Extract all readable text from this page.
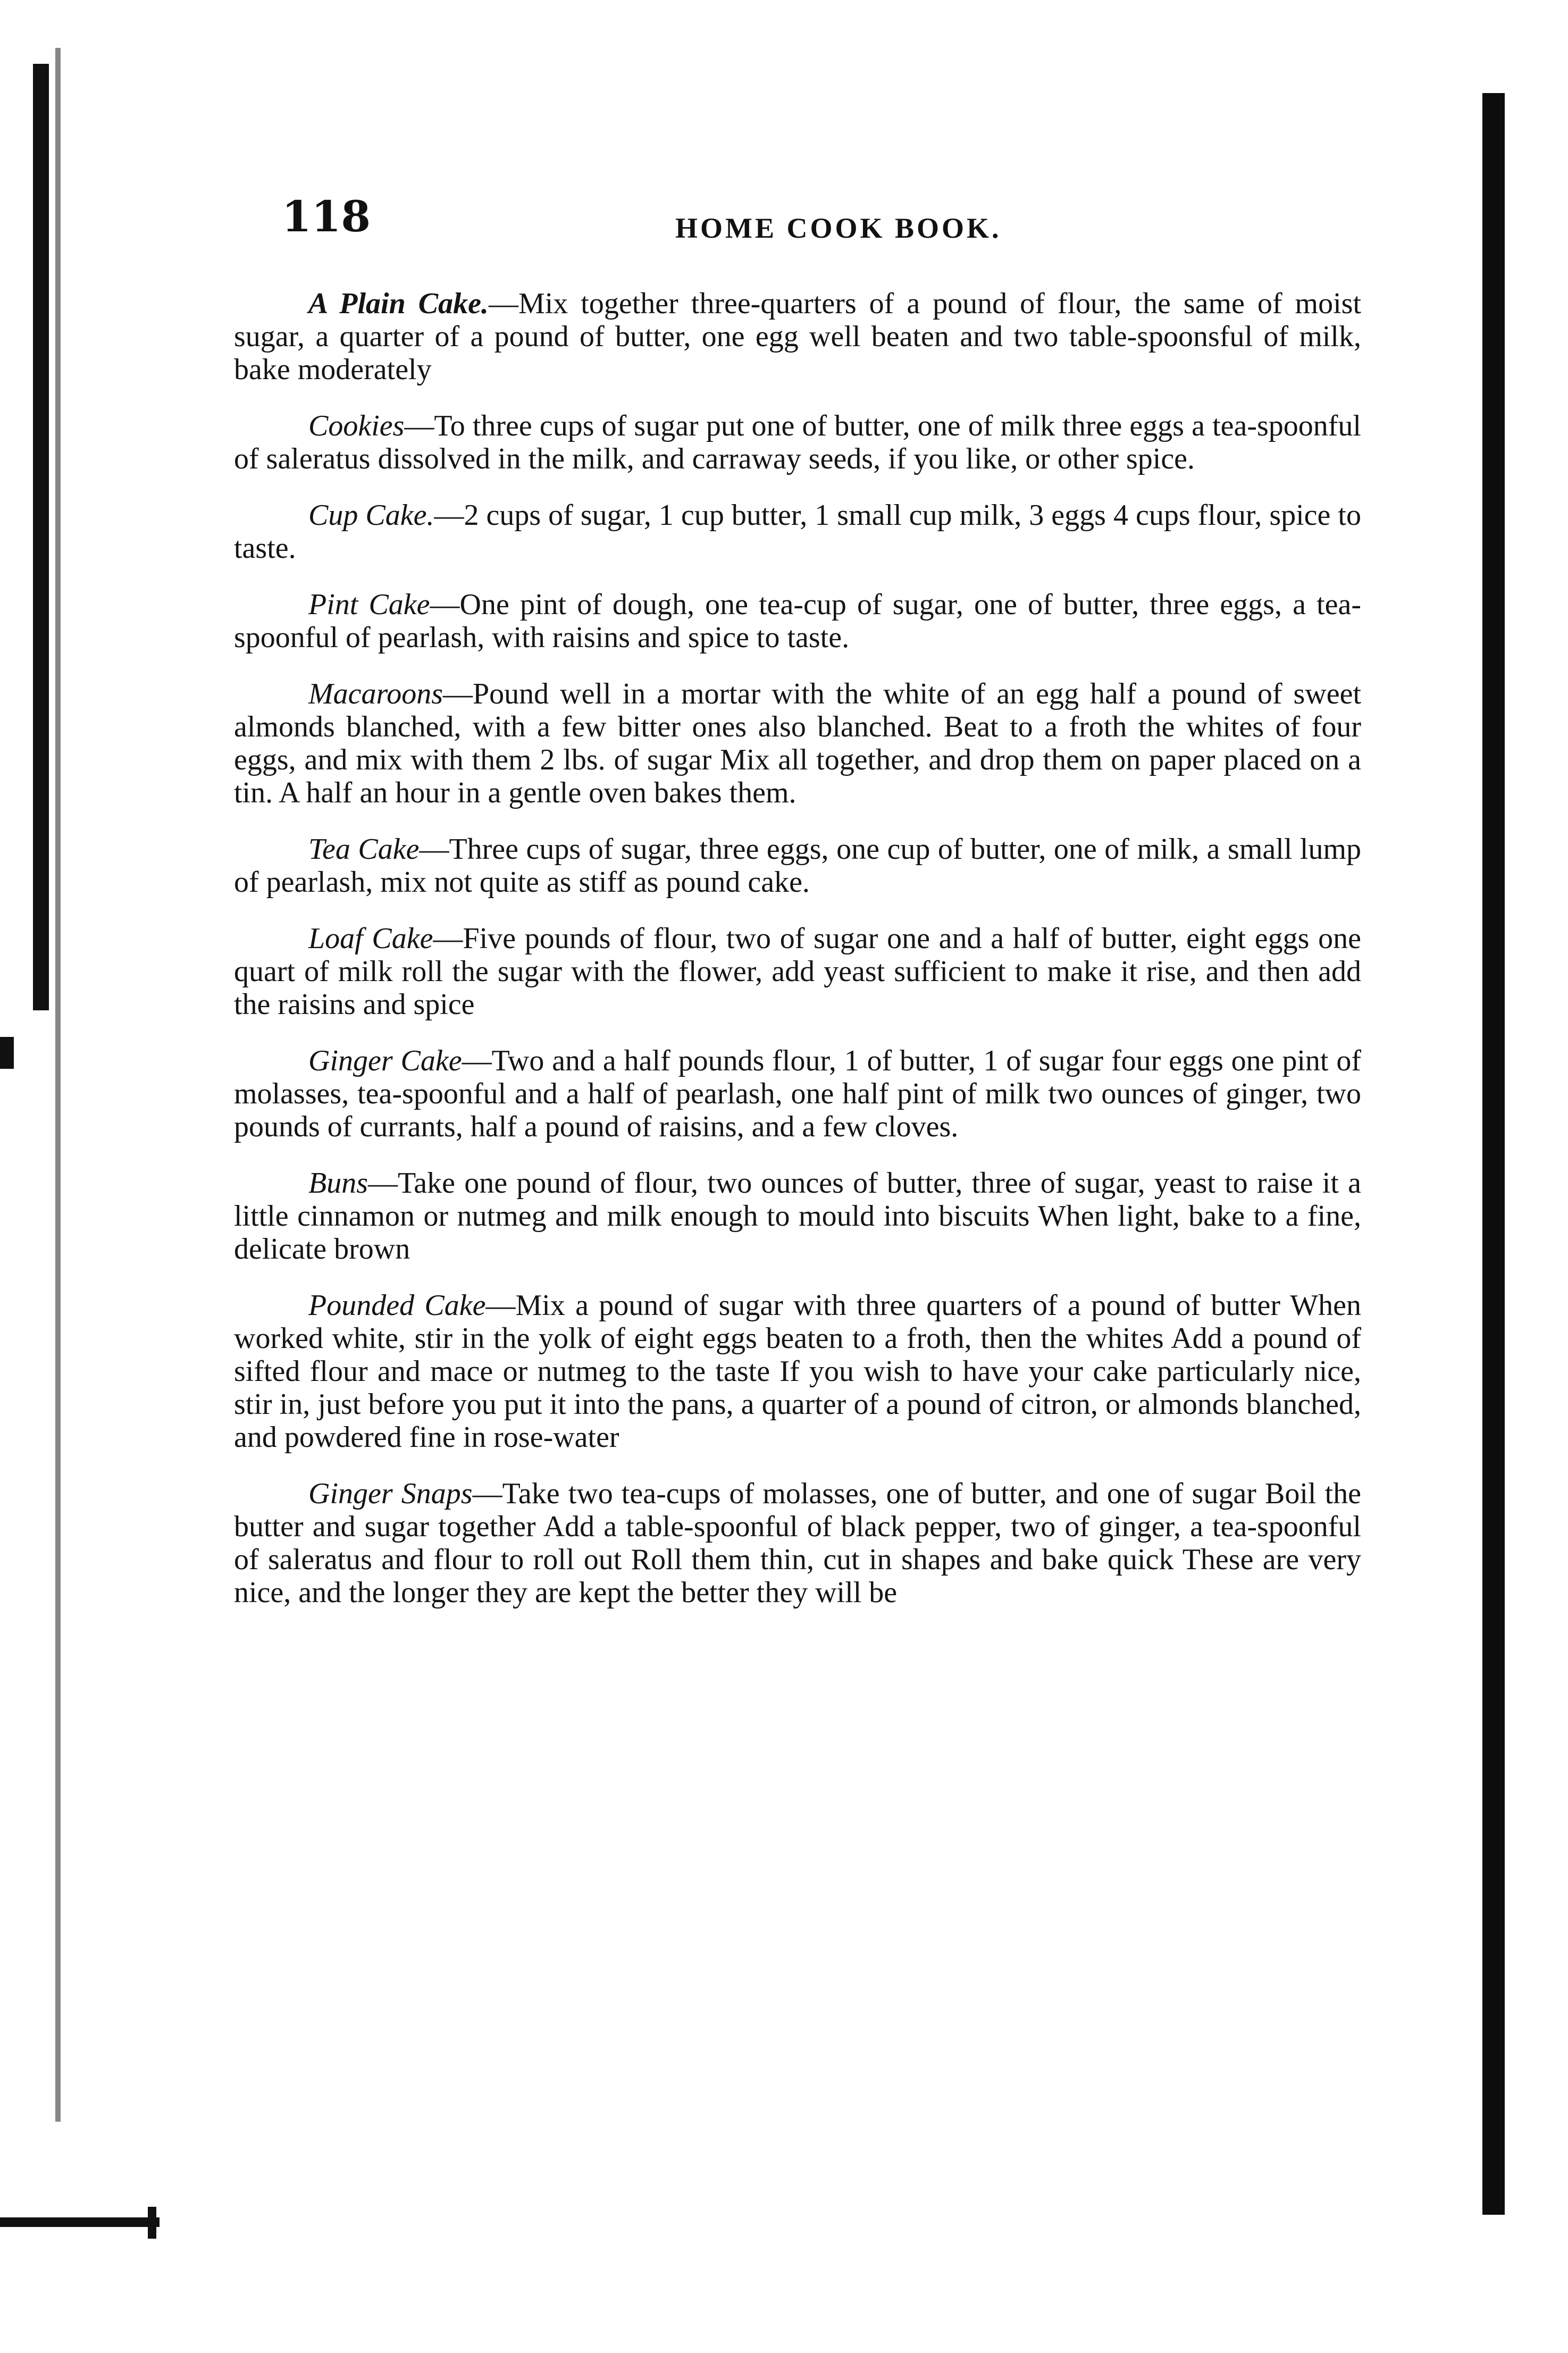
118	HOME COOK BOOK.

A Plain Cake.—Mix together three-quarters of a pound of flour, the same of moist sugar, a quarter of a pound of butter, one egg well beaten and two table-spoonsful of milk, bake moderately

Cookies—To three cups of sugar put one of butter, one of milk three eggs a tea-spoonful of saleratus dissolved in the milk, and carraway seeds, if you like, or other spice.

Cup Cake.—2 cups of sugar, 1 cup butter, 1 small cup milk, 3 eggs 4 cups flour, spice to taste.

Pint Cake—One pint of dough, one tea-cup of sugar, one of butter, three eggs, a tea-spoonful of pearlash, with raisins and spice to taste.

Macaroons—Pound well in a mortar with the white of an egg half a pound of sweet almonds blanched, with a few bitter ones also blanched. Beat to a froth the whites of four eggs, and mix with them 2 lbs. of sugar Mix all together, and drop them on paper placed on a tin. A half an hour in a gentle oven bakes them.

Tea Cake—Three cups of sugar, three eggs, one cup of butter, one of milk, a small lump of pearlash, mix not quite as stiff as pound cake.

Loaf Cake—Five pounds of flour, two of sugar one and a half of butter, eight eggs one quart of milk roll the sugar with the flower, add yeast sufficient to make it rise, and then add the raisins and spice

Ginger Cake—Two and a half pounds flour, 1 of butter, 1 of sugar four eggs one pint of molasses, tea-spoonful and a half of pearlash, one half pint of milk two ounces of ginger, two pounds of currants, half a pound of raisins, and a few cloves.

Buns—Take one pound of flour, two ounces of butter, three of sugar, yeast to raise it a little cinnamon or nutmeg and milk enough to mould into biscuits When light, bake to a fine, delicate brown

Pounded Cake—Mix a pound of sugar with three quarters of a pound of butter When worked white, stir in the yolk of eight eggs beaten to a froth, then the whites Add a pound of sifted flour and mace or nutmeg to the taste If you wish to have your cake particularly nice, stir in, just before you put it into the pans, a quarter of a pound of citron, or almonds blanched, and powdered fine in rose-water

Ginger Snaps—Take two tea-cups of molasses, one of butter, and one of sugar Boil the butter and sugar together Add a table-spoonful of black pepper, two of ginger, a tea-spoonful of saleratus and flour to roll out Roll them thin, cut in shapes and bake quick These are very nice, and the longer they are kept the better they will be
